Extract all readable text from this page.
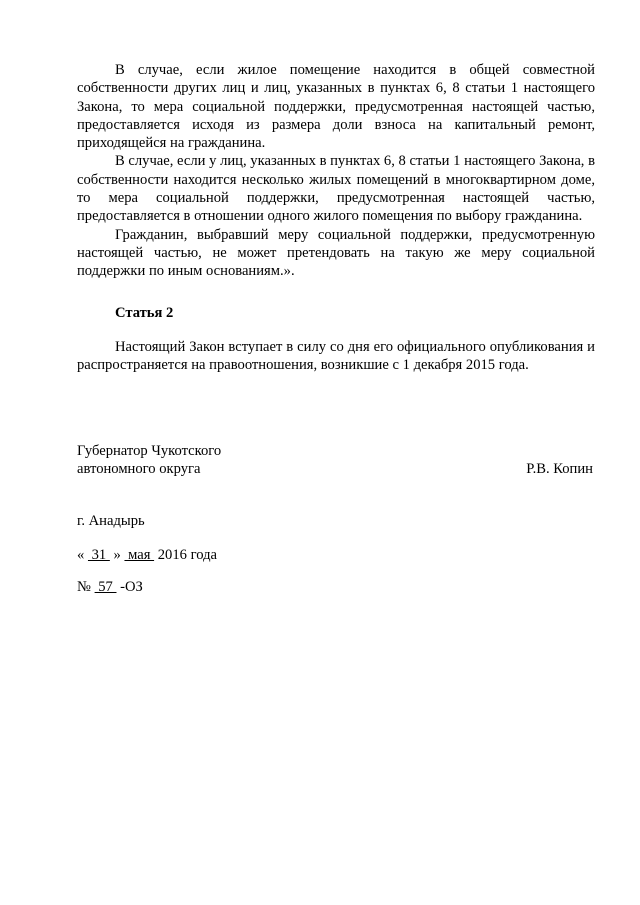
В случае, если жилое помещение находится в общей совместной собственности других лиц и лиц, указанных в пунктах 6, 8 статьи 1 настоящего Закона, то мера социальной поддержки, предусмотренная настоящей частью, предоставляется исходя из размера доли взноса на капитальный ремонт, приходящейся на гражданина.

В случае, если у лиц, указанных в пунктах 6, 8 статьи 1 настоящего Закона, в собственности находится несколько жилых помещений в многоквартирном доме, то мера социальной поддержки, предусмотренная настоящей частью, предоставляется в отношении одного жилого помещения по выбору гражданина.

Гражданин, выбравший меру социальной поддержки, предусмотренную настоящей частью, не может претендовать на такую же меру социальной поддержки по иным основаниям.».

Статья 2

Настоящий Закон вступает в силу со дня его официального опубликования и распространяется на правоотношения, возникшие с 1 декабря 2015 года.

Губернатор Чукотского
автономного округа	Р.В. Копин
г. Анадырь
«  31  »  мая  2016 года
№  57  -ОЗ
